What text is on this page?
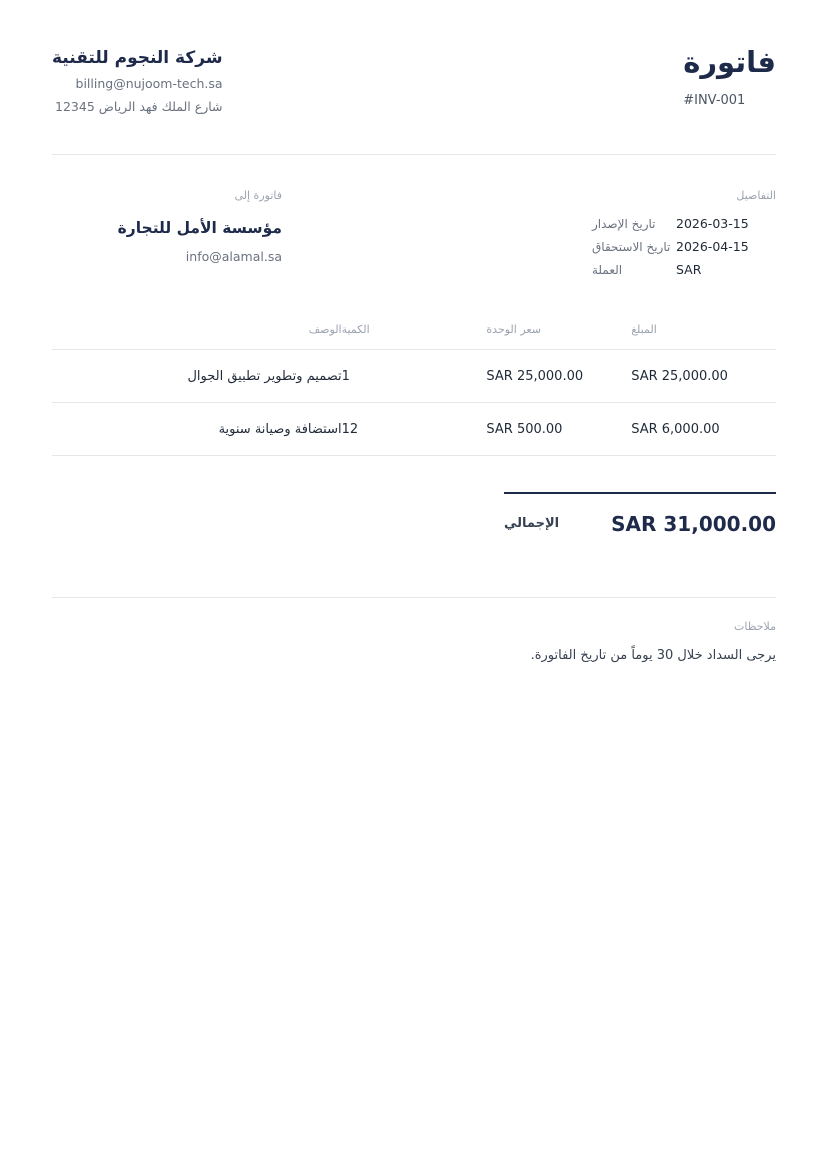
فاتورة
#INV-001
شركة النجوم للتقنية
billing@nujoom-tech.sa
شارع الملك فهد الرياض 12345
التفاصيل
تاريخ الإصدار	2026-03-15
تاريخ الاستحقاق 2026-04-15
العملة	SAR
فاتورة إلى
مؤسسة الأمل للتجارة
info@alamal.sa
المبلغ	سعر الوحدة	الكمية	الوصف
SAR 25,000.00	SAR 25,000.00	1	تصميم وتطوير تطبيق الجوال
SAR 6,000.00	SAR 500.00	12	استضافة وصيانة سنوية
الإجمالي	SAR 31,000.00
ملاحظات
يرجى السداد خلال 30 يوماً من تاريخ الفاتورة.
